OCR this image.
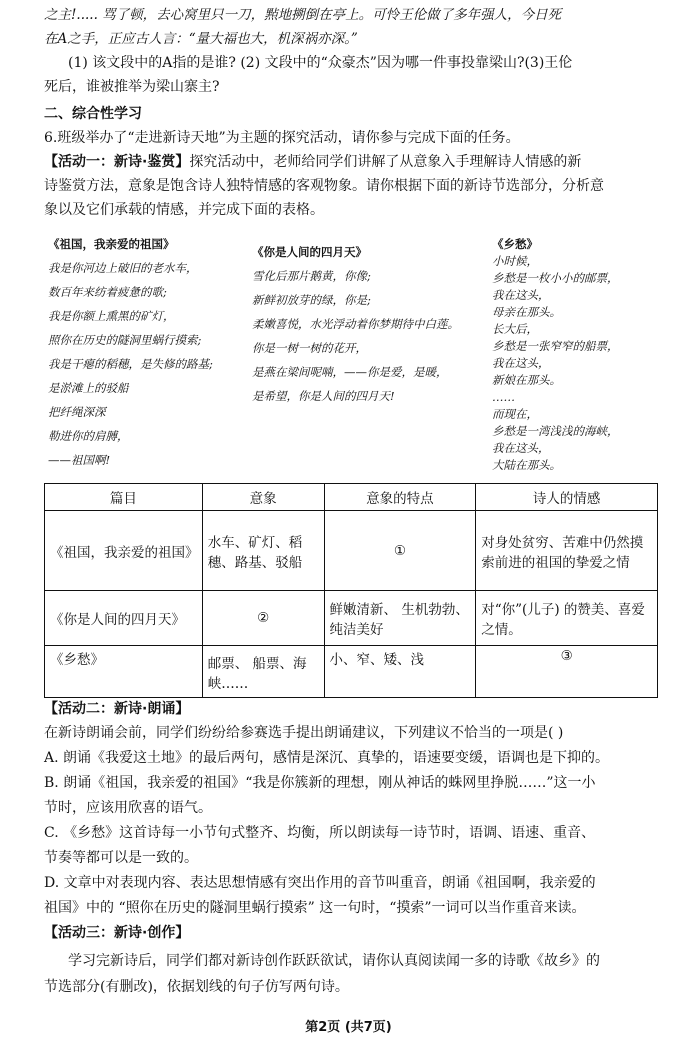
之主!..... 骂了顿，去心窝里只一刀，㸃地搠倒在亭上。可怜王伦做了多年强人，今日死
在A之手，正应古人言：“量大福也大，机深祸亦深。”
(1) 该文段中的A指的是谁? (2) 文段中的“众豪杰”因为哪一件事投靠梁山?(3)王伦
死后，谁被推举为梁山寨主?
二、综合性学习
6.班级举办了“走进新诗天地”为主题的探究活动，请你参与完成下面的任务。
【活动一：新诗·鉴赏】探究活动中，老师给同学们讲解了从意象入手理解诗人情感的新
诗鉴赏方法，意象是饱含诗人独特情感的客观物象。请你根据下面的新诗节选部分，分析意
象以及它们承载的情感，并完成下面的表格。
《祖国，我亲爱的祖国》
我是你河边上破旧的老水车，
数百年来纺着疲惫的歌;
我是你额上熏黑的矿灯，
照你在历史的隧洞里蜗行摸索;
我是干瘪的稻穗，是失修的路基;
是淤滩上的驳船
把纤绳深深
勒进你的肩膊，
——祖国啊!
《你是人间的四月天》
雪化后那片鹅黄，你像;
新鲜初放芽的绿，你是;
柔嫩喜悦，水光浮动着你梦期待中白莲。
你是一树一树的花开，
是燕在梁间呢喃，——你是爱，是暖，
是希望，你是人间的四月天!
《乡愁》
小时候，
乡愁是一枚小小的邮票，
我在这头，
母亲在那头。
长大后，
乡愁是一张窄窄的船票，
我在这头，
新娘在那头。
……
而现在，
乡愁是一湾浅浅的海峡，
我在这头，
大陆在那头。
篇目	意象	意象的特点	诗人的情感
《祖国，我亲爱的祖国》	水车、矿灯、稻穗、路基、驳船	①	对身处贫穷、苦难中仍然摸索前进的祖国的挚爱之情
《你是人间的四月天》	②	鲜嫩清新、 生机勃勃、纯洁美好	对“你”(儿子) 的赞美、喜爱之情。
《乡愁》	邮票、 船票、海峡……	小、窄、矮、浅	③
【活动二：新诗·朗诵】
在新诗朗诵会前，同学们纷纷给参赛选手提出朗诵建议，下列建议不恰当的一项是( )
A. 朗诵《我爱这土地》的最后两句，感情是深沉、真挚的，语速要变缓，语调也是下抑的。
B. 朗诵《祖国，我亲爱的祖国》“我是你簇新的理想，刚从神话的蛛网里挣脱……”这一小
节时，应该用欣喜的语气。
C. 《乡愁》这首诗每一小节句式整齐、均衡，所以朗读每一诗节时，语调、语速、重音、
节奏等都可以是一致的。
D. 文章中对表现内容、表达思想情感有突出作用的音节叫重音，朗诵《祖国啊，我亲爱的
祖国》中的 “照你在历史的隧洞里蜗行摸索” 这一句时，“摸索”一词可以当作重音来读。
【活动三：新诗·创作】
学习完新诗后，同学们都对新诗创作跃跃欲试，请你认真阅读闻一多的诗歌《故乡》的
节选部分(有删改)，依据划线的句子仿写两句诗。
第2页 (共7页)
